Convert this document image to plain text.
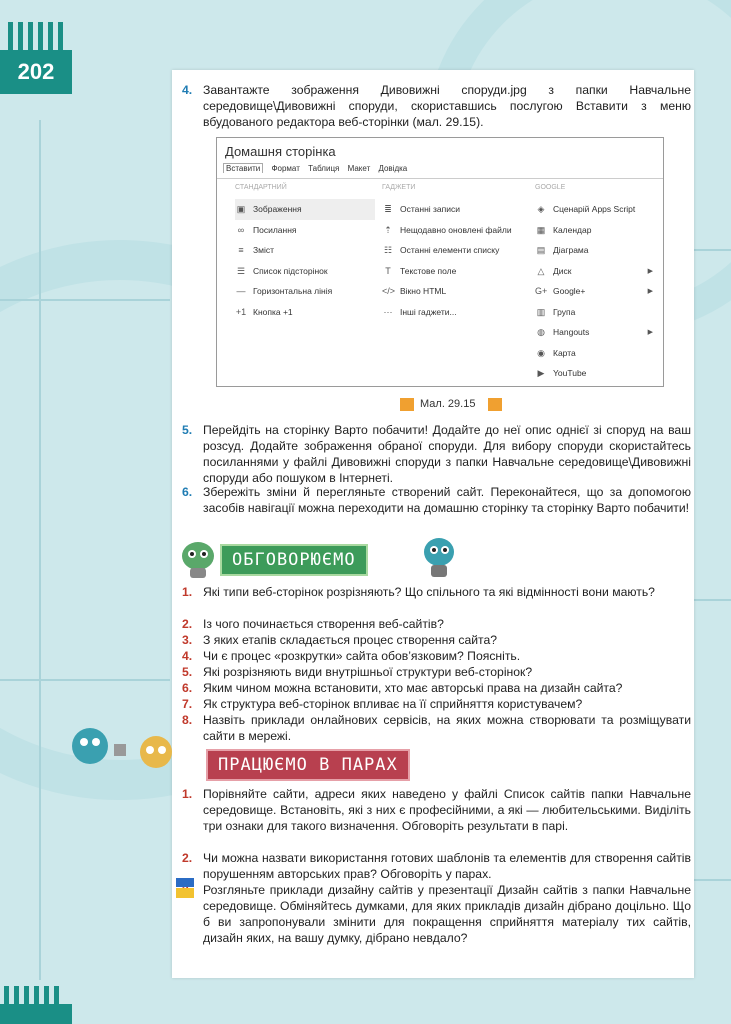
202
4. Завантажте зображення Дивовижні споруди.jpg з папки Навчальне середовище\Дивовижні споруди, скориставшись послугою Вставити з меню вбудованого редактора веб-сторінки (мал. 29.15).
Домашня сторінка
Вставити Формат Таблиця Макет Довідка
СТАНДАРТНИЙ
▣ Зображення
∞	Посилання
≡	Зміст
☰ Список підсторінок
— Горизонтальна лінія
+1 Кнопка +1
ГАДЖЕТИ
≣ Останні записи
⇡ Нещодавно оновлені файли
☷ Останні елементи списку
T	Текстове поле
</> Вікно HTML
··· Інші гаджети...
GOOGLE
◈ Сценарій Apps Script
▦ Календар
▤ Діаграма
△ Диск	▶
G+ Google+	▶
▥ Група
◍ Hangouts	▶
◉ Карта
▶ YouTube
Мал. 29.15
5. Перейдіть на сторінку Варто побачити! Додайте до неї опис однієї зі споруд на ваш розсуд. Додайте зображення обраної споруди. Для вибору споруди скористайтесь посиланнями у файлі Дивовижні споруди з папки Навчальне середовище\Дивовижні споруди або пошуком в Інтернеті.
6. Збережіть зміни й перегляньте створений сайт. Переконайтеся, що за допомогою засобів навігації можна переходити на домашню сторінку та сторінку Варто побачити!
ОБГОВОРЮЄМО
1. Які типи веб-сторінок розрізняють? Що спільного та які відмінності вони мають?
2. Із чого починається створення веб-сайтів?
3. З яких етапів складається процес створення сайта?
4. Чи є процес «розкрутки» сайта обов’язковим? Поясніть.
5. Які розрізняють види внутрішньої структури веб-сторінок?
6. Яким чином можна встановити, хто має авторські права на дизайн сайта?
7. Як структура веб-сторінок впливає на її сприйняття користувачем?
8. Назвіть приклади онлайнових сервісів, на яких можна створювати та розміщувати сайти в мережі.
ПРАЦЮЄМО В ПАРАХ
1. Порівняйте сайти, адреси яких наведено у файлі Список сайтів папки Навчальне середовище. Встановіть, які з них є професійними, а які — любительськими. Виділіть три ознаки для такого визначення. Обговоріть результати в парі.
2. Чи можна назвати використання готових шаблонів та елементів для створення сайтів порушенням авторських прав? Обговоріть у парах.
Розгляньте приклади дизайну сайтів у презентації Дизайн сайтів з папки Навчальне середовище. Обміняйтесь думками, для яких прикладів дизайн дібрано доцільно. Що б ви запропонували змінити для покращення сприйняття матеріалу тих сайтів, дизайн яких, на вашу думку, дібрано невдало?
